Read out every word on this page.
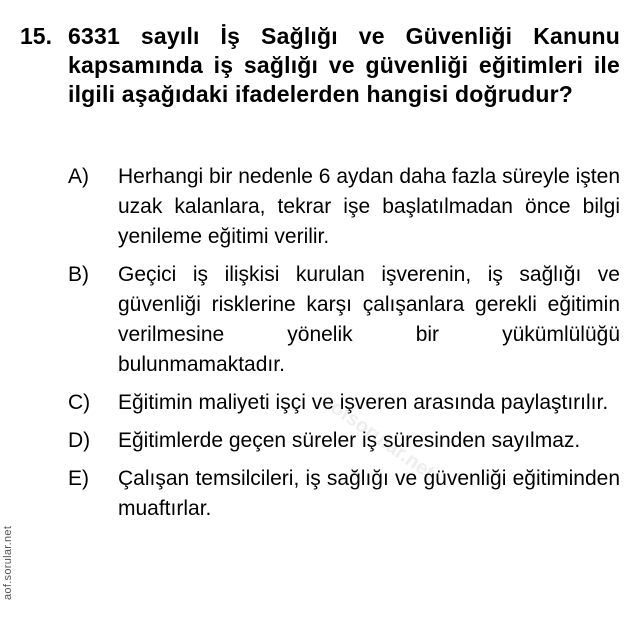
15. 6331 sayılı İş Sağlığı ve Güvenliği Kanunu kapsamında iş sağlığı ve güvenliği eğitimleri ile ilgili aşağıdaki ifadelerden hangisi doğrudur?
A)	Herhangi bir nedenle 6 aydan daha fazla süreyle işten uzak kalanlara, tekrar işe başlatılmadan önce bilgi yenileme eğitimi verilir.
B)	Geçici iş ilişkisi kurulan işverenin, iş sağlığı ve güvenliği risklerine karşı çalışanlara gerekli eğitimin verilmesine yönelik bir yükümlülüğü bulunmamaktadır.
C)	Eğitimin maliyeti işçi ve işveren arasında paylaştırılır.
D)	Eğitimlerde geçen süreler iş süresinden sayılmaz.
E)	Çalışan temsilcileri, iş sağlığı ve güvenliği eğitiminden muaftırlar.
aof.sorular.net
aofsorular.net
